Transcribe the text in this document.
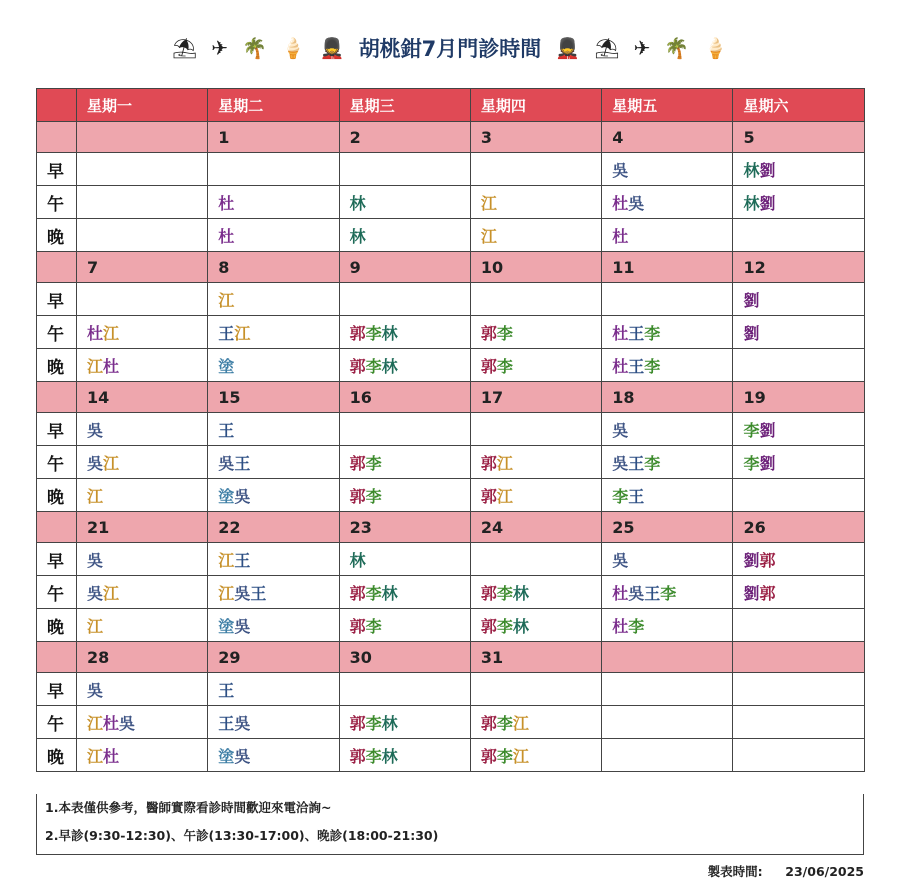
⛱ ✈ 🌴 🍦 💂 胡桃鉗7月門診時間 💂 ⛱ ✈ 🌴 🍦
	星期一	星期二	星期三	星期四	星期五	星期六
		1	2	3	4	5
早					吳	林劉
午		杜	林	江	杜吳	林劉
晚		杜	林	江	杜	
	7	8	9	10	11	12
早		江				劉
午	杜江	王江	郭李林	郭李	杜王李	劉
晚	江杜	塗	郭李林	郭李	杜王李	
	14	15	16	17	18	19
早	吳	王			吳	李劉
午	吳江	吳王	郭李	郭江	吳王李	李劉
晚	江	塗吳	郭李	郭江	李王	
	21	22	23	24	25	26
早	吳	江王	林		吳	劉郭
午	吳江	江吳王	郭李林	郭李林	杜吳王李	劉郭
晚	江	塗吳	郭李	郭李林	杜李	
	28	29	30	31		
早	吳	王				
午	江杜吳	王吳	郭李林	郭李江		
晚	江杜	塗吳	郭李林	郭李江		
1.本表僅供參考，醫師實際看診時間歡迎來電洽詢~
2.早診(9:30-12:30)、午診(13:30-17:00)、晚診(18:00-21:30)
製表時間: 23/06/2025
